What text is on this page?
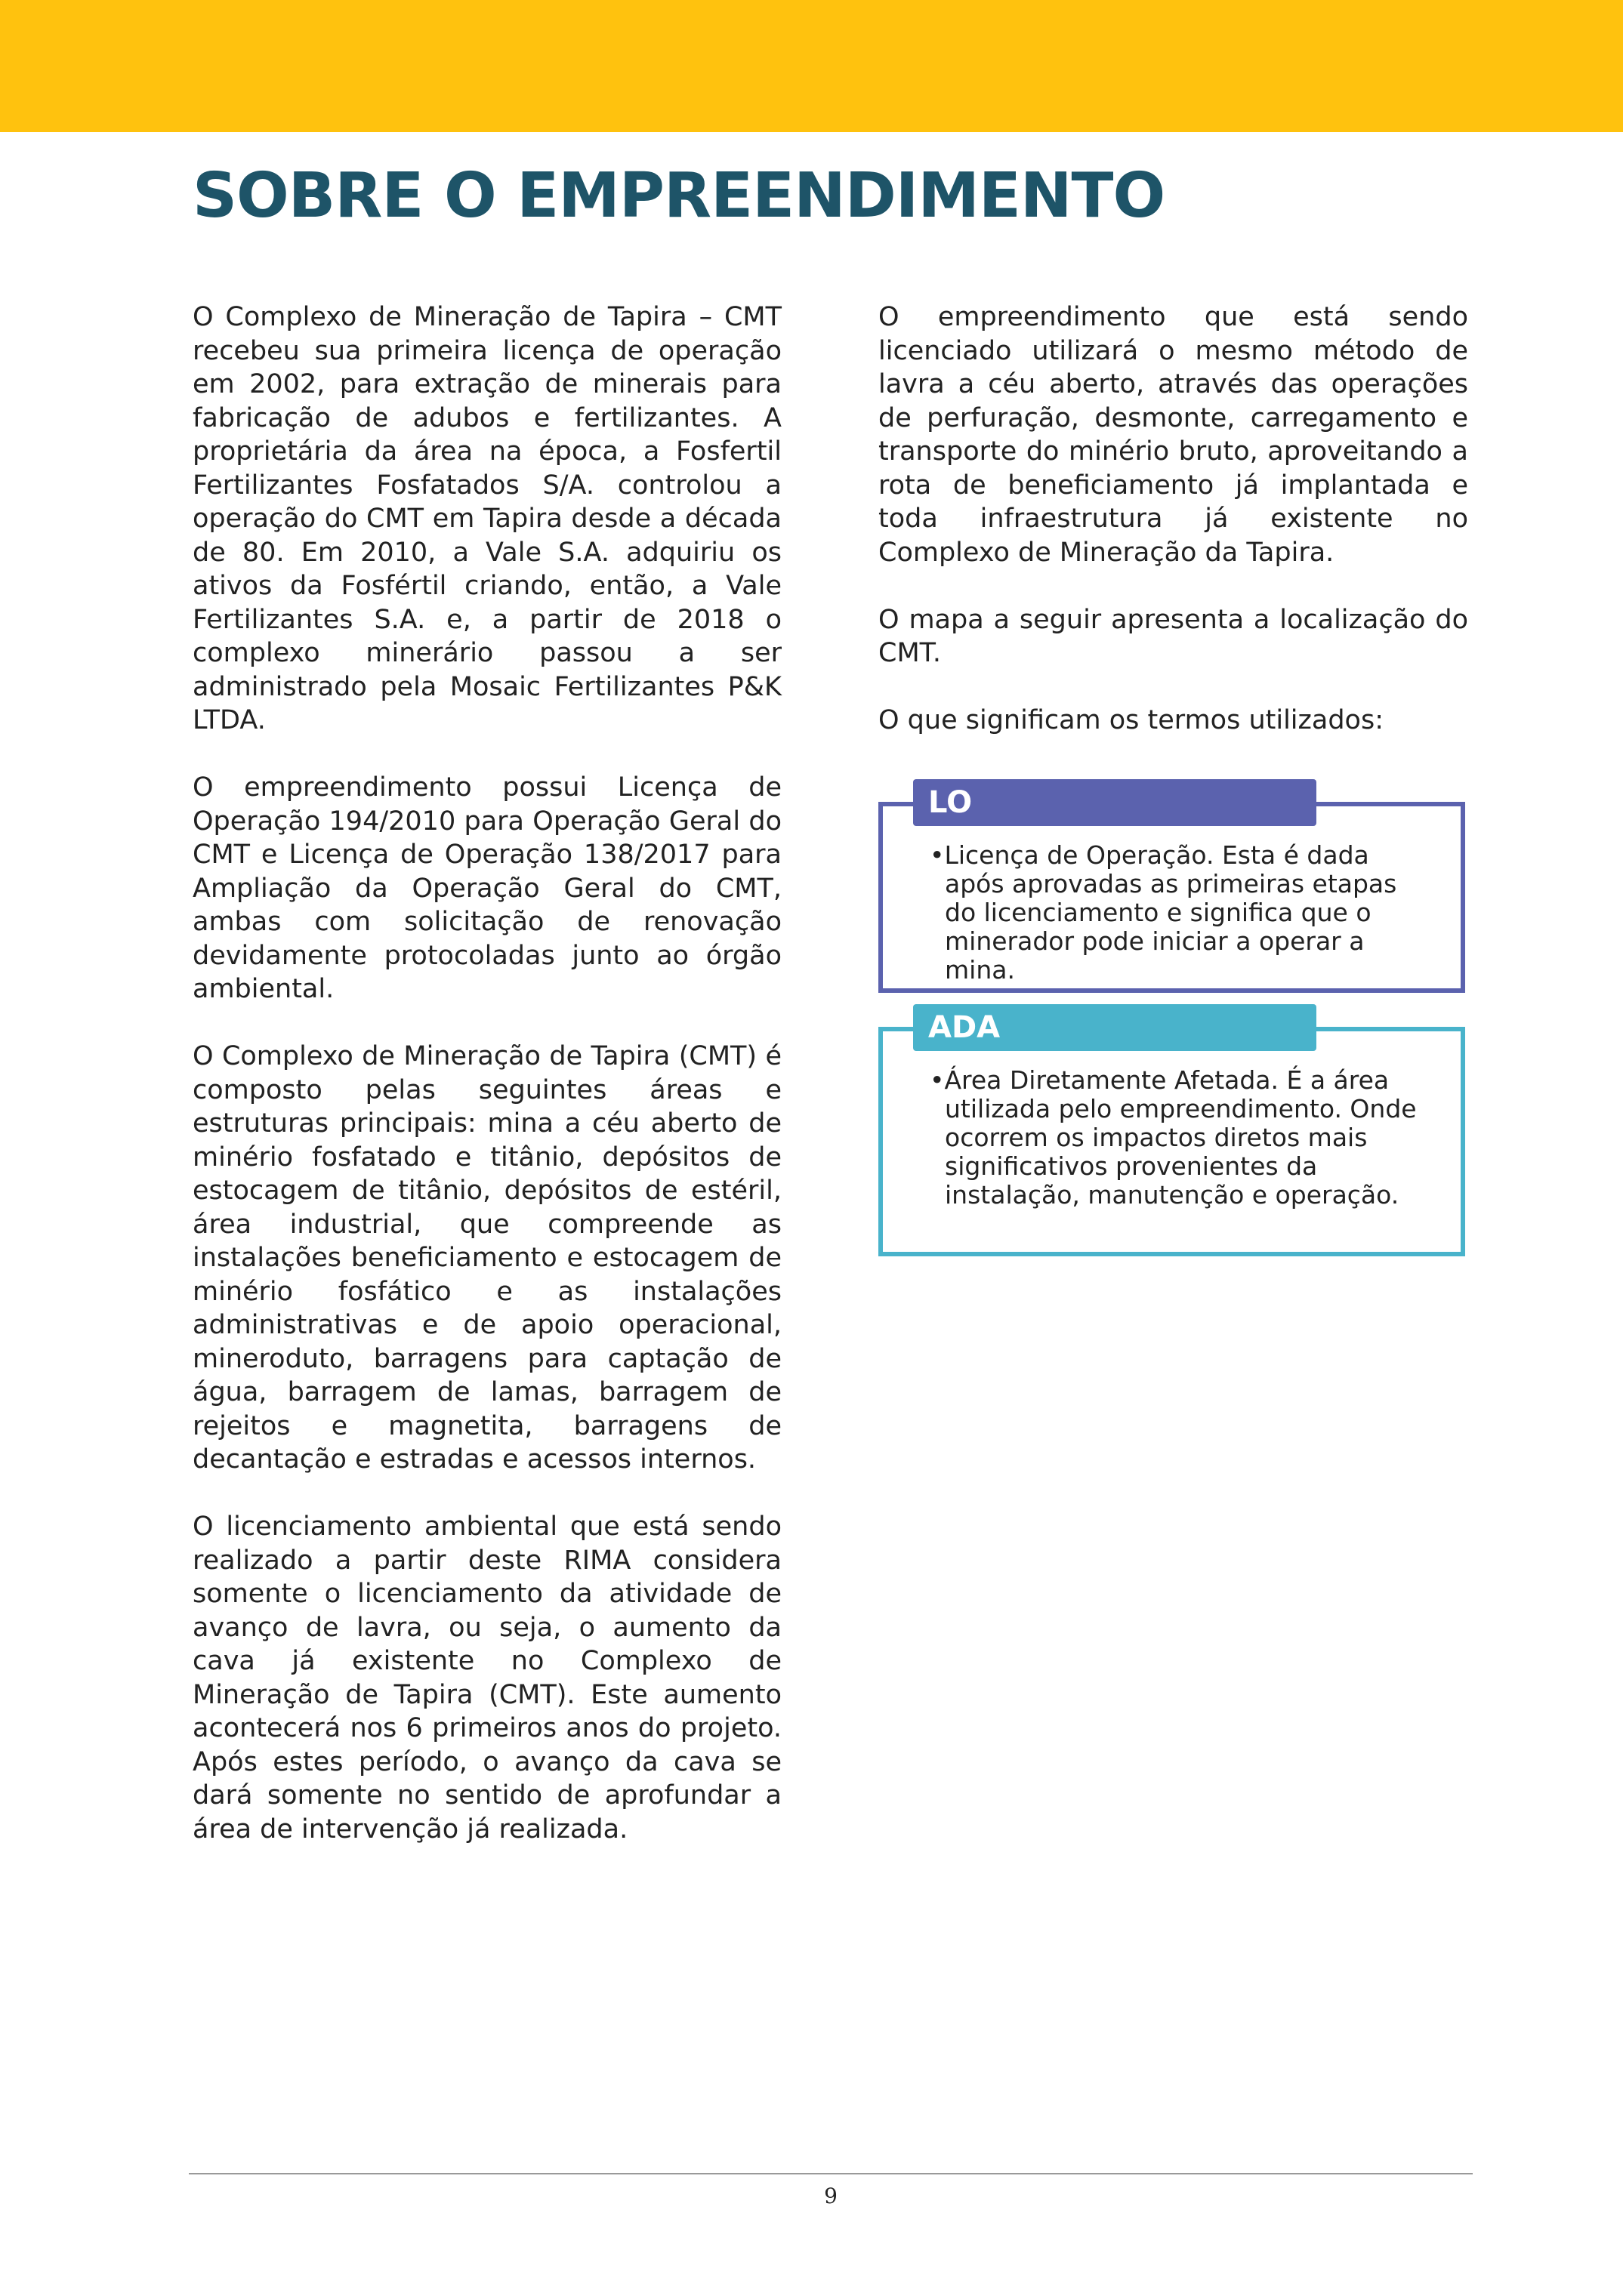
SOBRE O EMPREENDIMENTO

O Complexo de Mineração de Tapira – CMT recebeu sua primeira licença de operação em 2002, para extração de minerais para fabricação de adubos e fertilizantes. A proprietária da área na época, a Fosfertil Fertilizantes Fosfatados S/A. controlou a operação do CMT em Tapira desde a década de 80. Em 2010, a Vale S.A. adquiriu os ativos da Fosfértil criando, então, a Vale Fertilizantes S.A. e, a partir de 2018 o complexo minerário passou a ser administrado pela Mosaic Fertilizantes P&K LTDA.

O empreendimento possui Licença de Operação 194/2010 para Operação Geral do CMT e Licença de Operação 138/2017 para Ampliação da Operação Geral do CMT, ambas com solicitação de renovação devidamente protocoladas junto ao órgão ambiental.

O Complexo de Mineração de Tapira (CMT) é composto pelas seguintes áreas e estruturas principais: mina a céu aberto de minério fosfatado e titânio, depósitos de estocagem de titânio, depósitos de estéril, área industrial, que compreende as instalações beneficiamento e estocagem de minério fosfático e as instalações administrativas e de apoio operacional, mineroduto, barragens para captação de água, barragem de lamas, barragem de rejeitos e magnetita, barragens de decantação e estradas e acessos internos.

O licenciamento ambiental que está sendo realizado a partir deste RIMA considera somente o licenciamento da atividade de avanço de lavra, ou seja, o aumento da cava já existente no Complexo de Mineração de Tapira (CMT). Este aumento acontecerá nos 6 primeiros anos do projeto. Após estes período, o avanço da cava se dará somente no sentido de aprofundar a área de intervenção já realizada.

O empreendimento que está sendo licenciado utilizará o mesmo método de lavra a céu aberto, através das operações de perfuração, desmonte, carregamento e transporte do minério bruto, aproveitando a rota de beneficiamento já implantada e toda infraestrutura já existente no Complexo de Mineração da Tapira.

O mapa a seguir apresenta a localização do CMT.

O que significam os termos utilizados:

LO
•Licença de Operação. Esta é dada após aprovadas as primeiras etapas do licenciamento e significa que o minerador pode iniciar a operar a mina.
ADA
•Área Diretamente Afetada. É a área utilizada pelo empreendimento. Onde ocorrem os impactos diretos mais significativos provenientes da instalação, manutenção e operação.
9
